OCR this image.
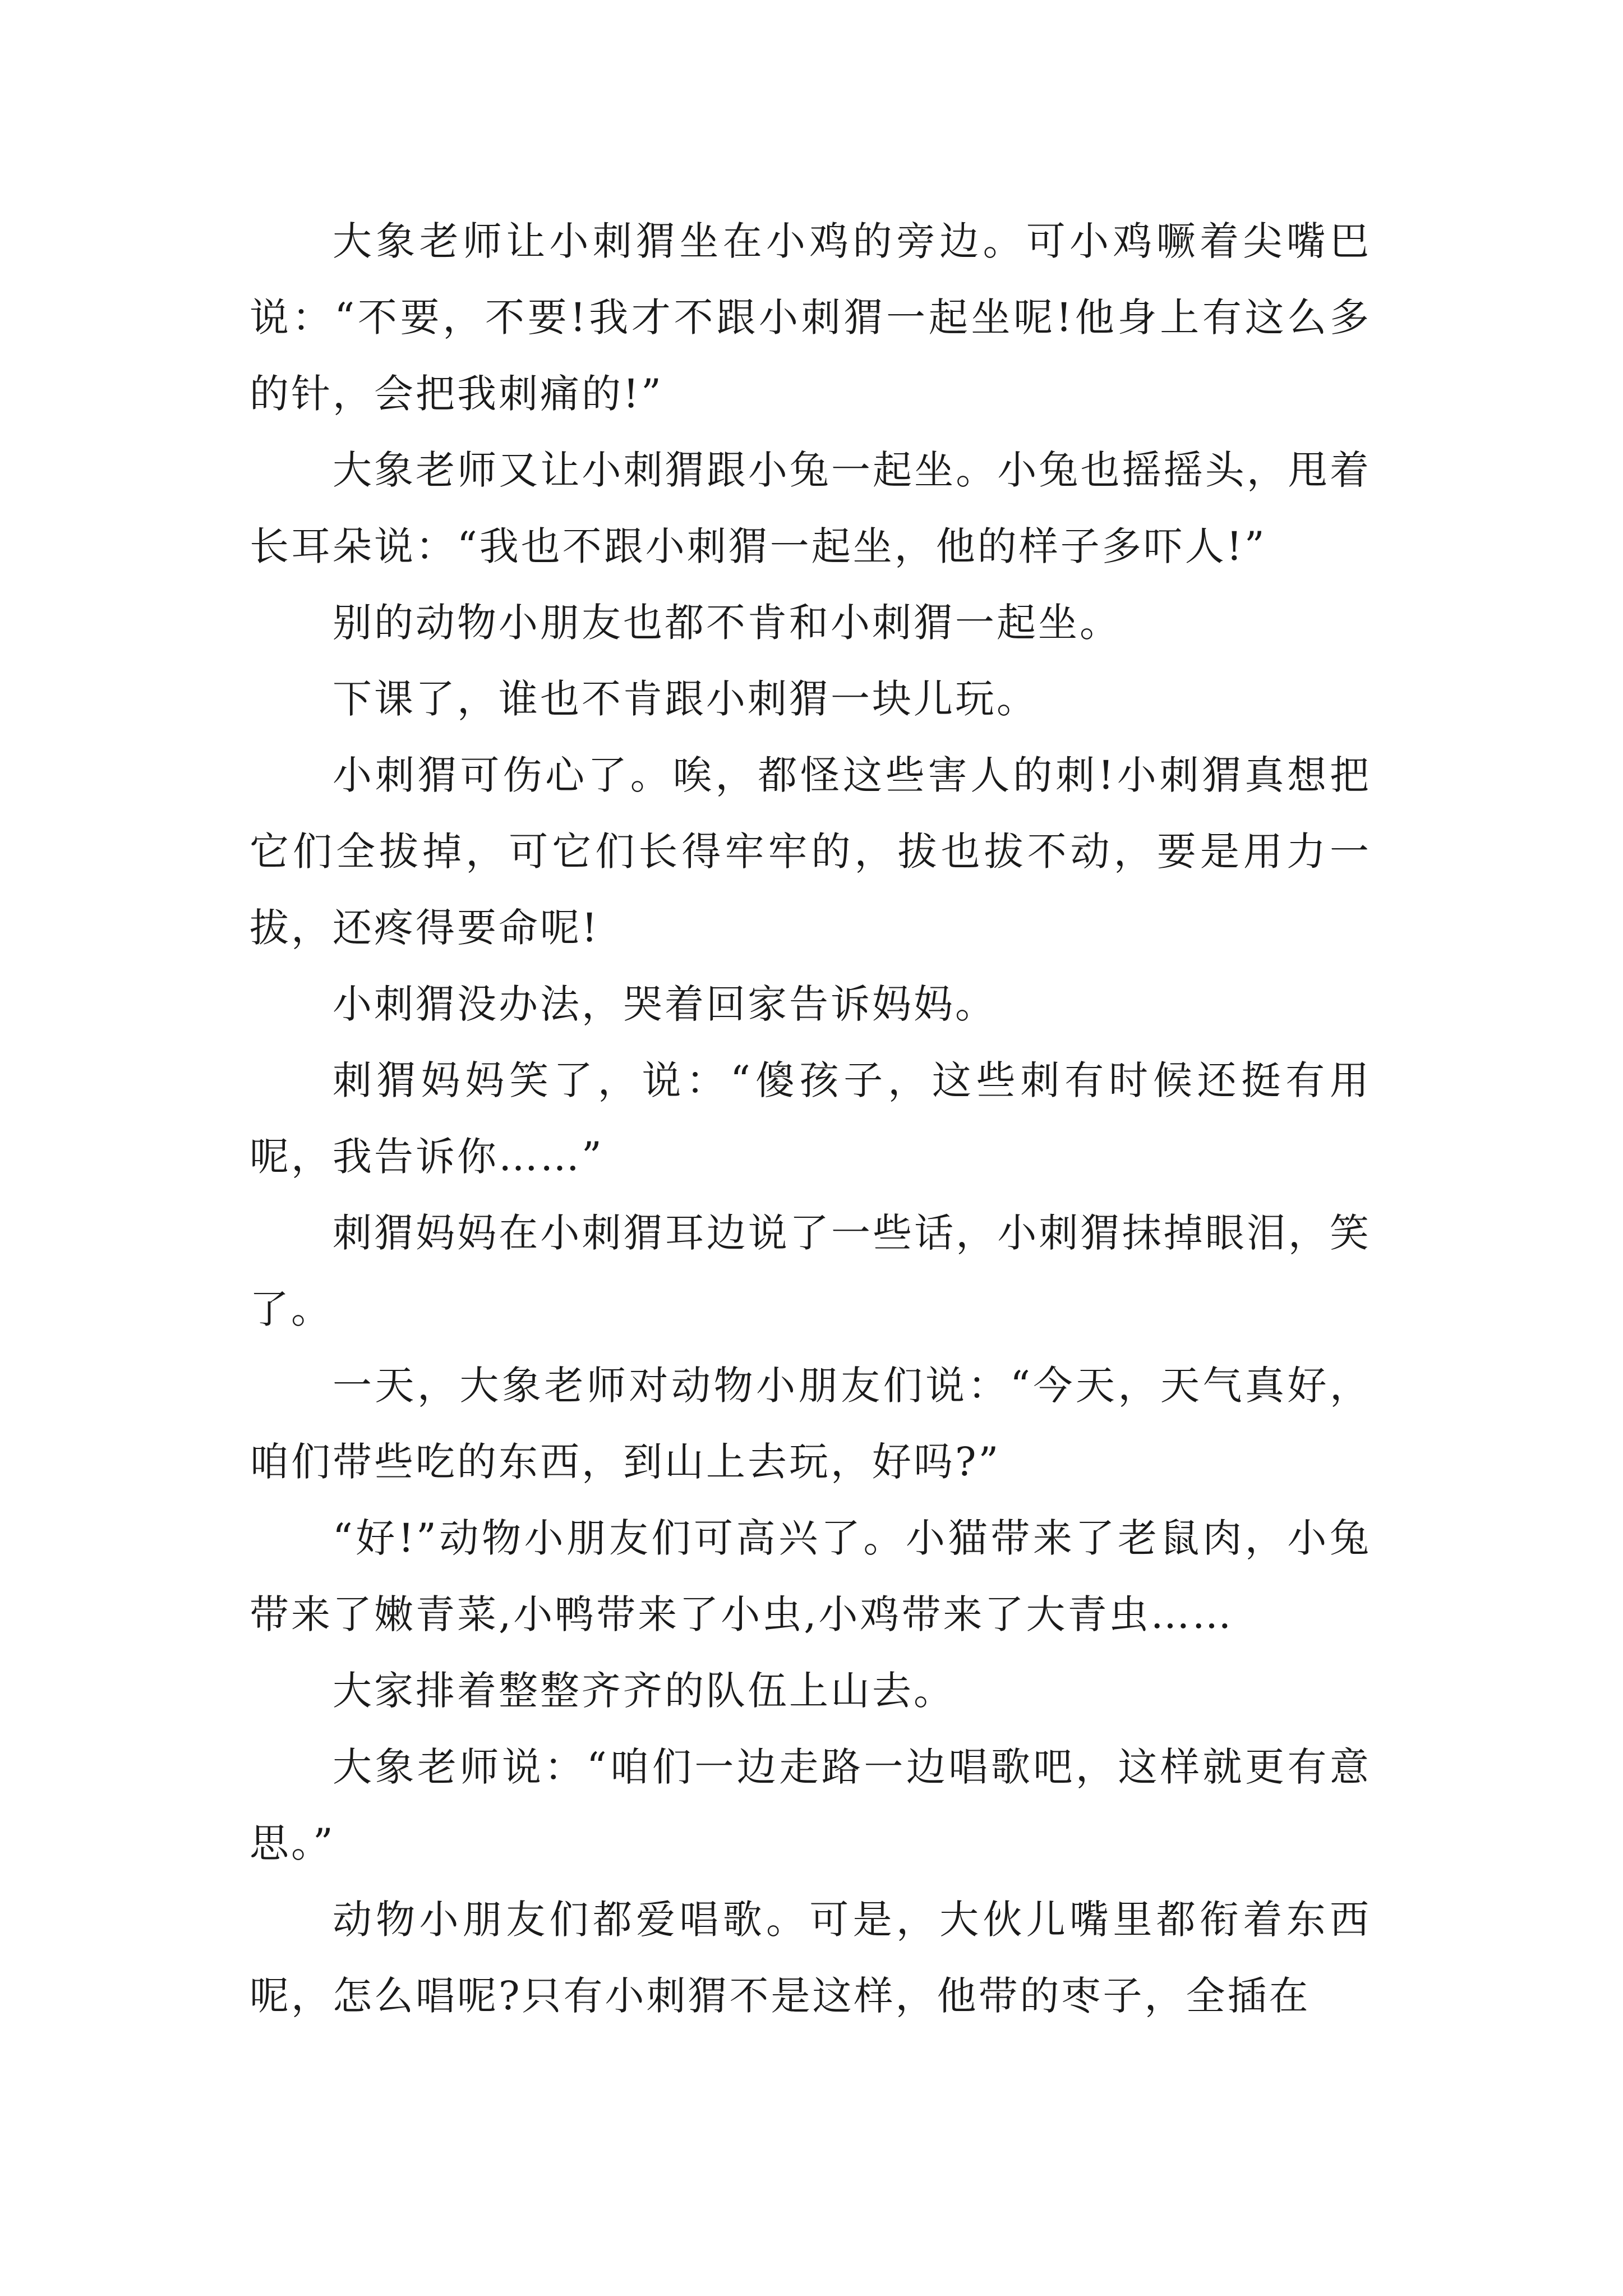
大象老师让小刺猬坐在小鸡的旁边。可小鸡噘着尖嘴巴说：“不要，不要!我才不跟小刺猬一起坐呢!他身上有这么多的针，会把我刺痛的!”

大象老师又让小刺猬跟小兔一起坐。小兔也摇摇头，甩着长耳朵说：“我也不跟小刺猬一起坐，他的样子多吓人!”

别的动物小朋友也都不肯和小刺猬一起坐。

下课了，谁也不肯跟小刺猬一块儿玩。

小刺猬可伤心了。唉，都怪这些害人的刺!小刺猬真想把它们全拔掉，可它们长得牢牢的，拔也拔不动，要是用力一拔，还疼得要命呢!

小刺猬没办法，哭着回家告诉妈妈。

刺猬妈妈笑了，说：“傻孩子，这些刺有时候还挺有用呢，我告诉你……”

刺猬妈妈在小刺猬耳边说了一些话，小刺猬抹掉眼泪，笑了。

一天，大象老师对动物小朋友们说：“今天，天气真好，咱们带些吃的东西，到山上去玩，好吗?”

“好!”动物小朋友们可高兴了。小猫带来了老鼠肉，小兔带来了嫩青菜,小鸭带来了小虫,小鸡带来了大青虫……

大家排着整整齐齐的队伍上山去。

大象老师说：“咱们一边走路一边唱歌吧，这样就更有意思。”

动物小朋友们都爱唱歌。可是，大伙儿嘴里都衔着东西呢，怎么唱呢?只有小刺猬不是这样，他带的枣子，全插在
